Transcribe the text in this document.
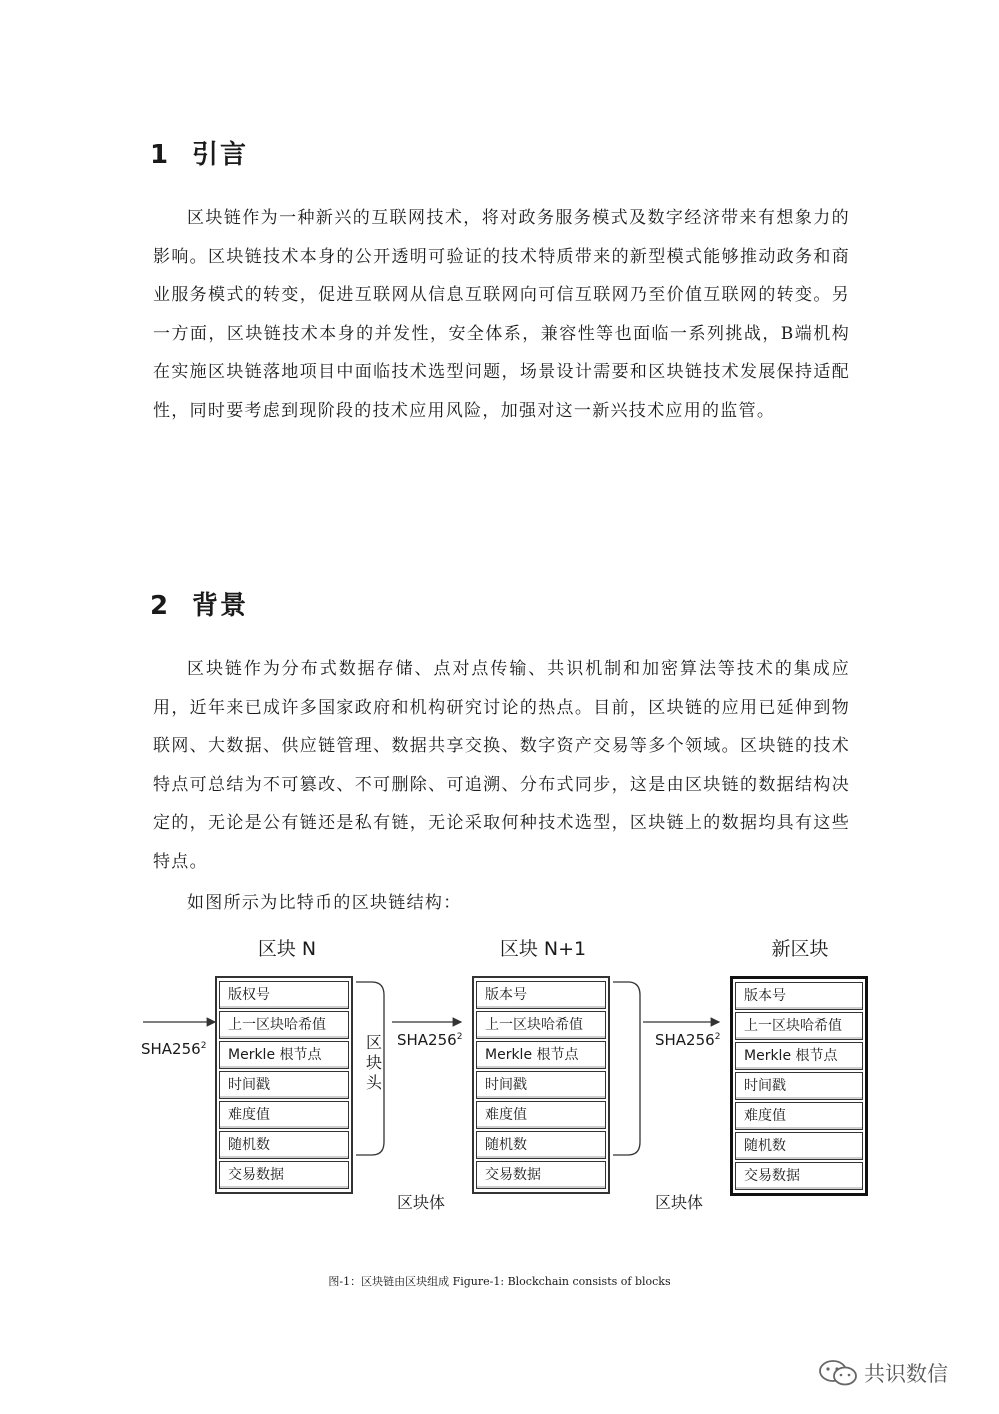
1 引言

区块链作为一种新兴的互联网技术，将对政务服务模式及数字经济带来有想象力的影响。区块链技术本身的公开透明可验证的技术特质带来的新型模式能够推动政务和商业服务模式的转变，促进互联网从信息互联网向可信互联网乃至价值互联网的转变。另一方面，区块链技术本身的并发性，安全体系，兼容性等也面临一系列挑战，B端机构在实施区块链落地项目中面临技术选型问题，场景设计需要和区块链技术发展保持适配性，同时要考虑到现阶段的技术应用风险，加强对这一新兴技术应用的监管。

2 背景

区块链作为分布式数据存储、点对点传输、共识机制和加密算法等技术的集成应用，近年来已成许多国家政府和机构研究讨论的热点。目前，区块链的应用已延伸到物联网、大数据、供应链管理、数据共享交换、数字资产交易等多个领域。区块链的技术特点可总结为不可篡改、不可删除、可追溯、分布式同步，这是由区块链的数据结构决定的，无论是公有链还是私有链，无论采取何种技术选型，区块链上的数据均具有这些特点。

如图所示为比特币的区块链结构：

区块 N	区块 N+1	新区块
版权号
上一区块哈希值
Merkle 根节点
时间戳
难度值
随机数
交易数据
版本号
上一区块哈希值
Merkle 根节点
时间戳
难度值
随机数
交易数据
版本号
上一区块哈希值
Merkle 根节点
时间戳
难度值
随机数
交易数据
$SHA256^2$	$SHA256^2$	$SHA256^2$
区
块
头
区块体	区块体
图-1：区块链由区块组成 Figure-1: Blockchain consists of blocks
共识数信
